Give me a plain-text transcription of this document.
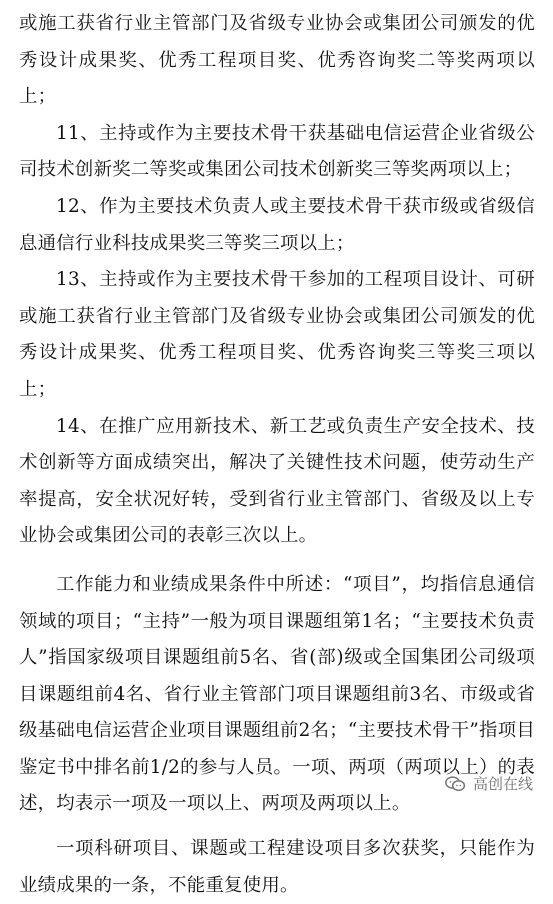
或施工获省行业主管部门及省级专业协会或集团公司颁发的优秀设计成果奖、优秀工程项目奖、优秀咨询奖二等奖两项以上；

11、主持或作为主要技术骨干获基础电信运营企业省级公司技术创新奖二等奖或集团公司技术创新奖三等奖两项以上；

12、作为主要技术负责人或主要技术骨干获市级或省级信息通信行业科技成果奖三等奖三项以上；

13、主持或作为主要技术骨干参加的工程项目设计、可研或施工获省行业主管部门及省级专业协会或集团公司颁发的优秀设计成果奖、优秀工程项目奖、优秀咨询奖三等奖三项以上；

14、在推广应用新技术、新工艺或负责生产安全技术、技术创新等方面成绩突出，解决了关键性技术问题，使劳动生产率提高，安全状况好转，受到省行业主管部门、省级及以上专业协会或集团公司的表彰三次以上。

工作能力和业绩成果条件中所述：“项目”，均指信息通信领域的项目；“主持”一般为项目课题组第1名；“主要技术负责人”指国家级项目课题组前5名、省(部)级或全国集团公司级项目课题组前4名、省行业主管部门项目课题组前3名、市级或省级基础电信运营企业项目课题组前2名；“主要技术骨干”指项目鉴定书中排名前1/2的参与人员。一项、两项（两项以上）的表述，均表示一项及一项以上、两项及两项以上。

一项科研项目、课题或工程建设项目多次获奖，只能作为业绩成果的一条，不能重复使用。

高创在线
